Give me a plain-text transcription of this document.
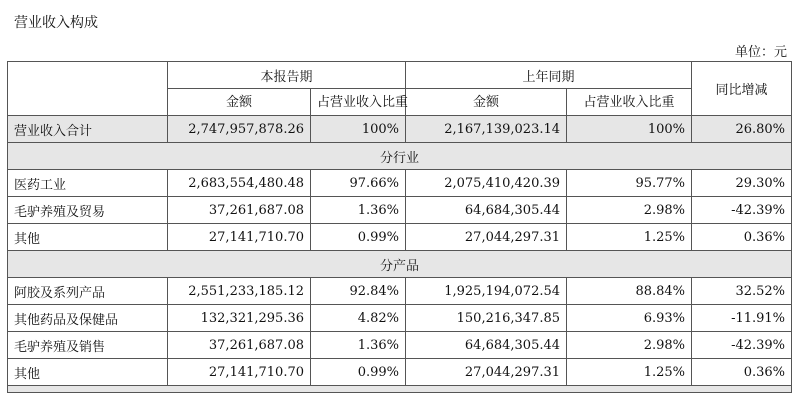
营业收入构成
单位：元
	本报告期		上年同期		同比增减
	金额	占营业收入比重	金额	占营业收入比重	
营业收入合计	2,747,957,878.26	100%	2,167,139,023.14	100%	26.80%
分行业					
医药工业	2,683,554,480.48	97.66%	2,075,410,420.39	95.77%	29.30%
毛驴养殖及贸易	37,261,687.08	1.36%	64,684,305.44	2.98%	-42.39%
其他	27,141,710.70	0.99%	27,044,297.31	1.25%	0.36%
分产品					
阿胶及系列产品	2,551,233,185.12	92.84%	1,925,194,072.54	88.84%	32.52%
其他药品及保健品	132,321,295.36	4.82%	150,216,347.85	6.93%	-11.91%
毛驴养殖及销售	37,261,687.08	1.36%	64,684,305.44	2.98%	-42.39%
其他	27,141,710.70	0.99%	27,044,297.31	1.25%	0.36%
